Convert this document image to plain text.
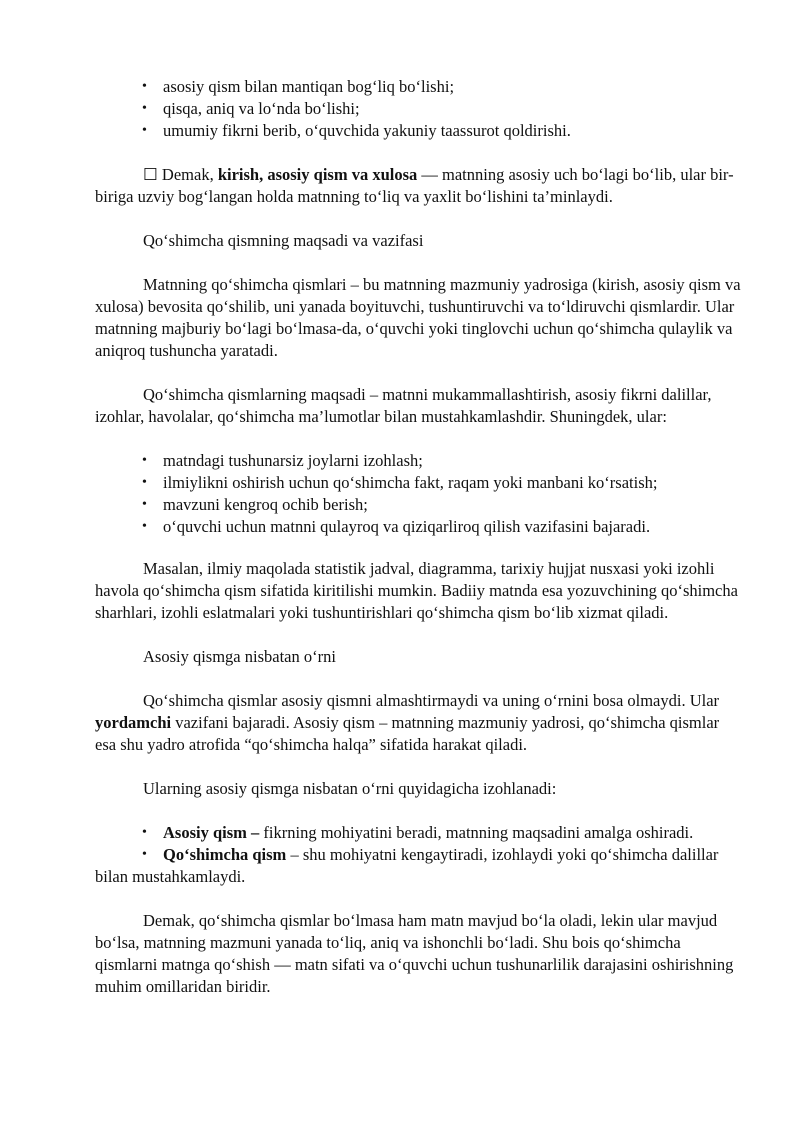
• asosiy qism bilan mantiqan bog‘liq bo‘lishi;
• qisqa, aniq va lo‘nda bo‘lishi;
• umumiy fikrni berib, o‘quvchida yakuniy taassurot qoldirishi.

☐ Demak, kirish, asosiy qism va xulosa — matnning asosiy uch bo‘lagi bo‘lib, ular bir-biriga uzviy bog‘langan holda matnning to‘liq va yaxlit bo‘lishini ta’minlaydi.

Qo‘shimcha qismning maqsadi va vazifasi

Matnning qo‘shimcha qismlari – bu matnning mazmuniy yadrosiga (kirish, asosiy qism va xulosa) bevosita qo‘shilib, uni yanada boyituvchi, tushuntiruvchi va to‘ldiruvchi qismlardir. Ular matnning majburiy bo‘lagi bo‘lmasa-da, o‘quvchi yoki tinglovchi uchun qo‘shimcha qulaylik va aniqroq tushuncha yaratadi.

Qo‘shimcha qismlarning maqsadi – matnni mukammallashtirish, asosiy fikrni dalillar, izohlar, havolalar, qo‘shimcha ma’lumotlar bilan mustahkamlashdir. Shuningdek, ular:

• matndagi tushunarsiz joylarni izohlash;
• ilmiylikni oshirish uchun qo‘shimcha fakt, raqam yoki manbani ko‘rsatish;
• mavzuni kengroq ochib berish;
• o‘quvchi uchun matnni qulayroq va qiziqarliroq qilish vazifasini bajaradi.

Masalan, ilmiy maqolada statistik jadval, diagramma, tarixiy hujjat nusxasi yoki izohli havola qo‘shimcha qism sifatida kiritilishi mumkin. Badiiy matnda esa yozuvchining qo‘shimcha sharhlari, izohli eslatmalari yoki tushuntirishlari qo‘shimcha qism bo‘lib xizmat qiladi.

Asosiy qismga nisbatan o‘rni

Qo‘shimcha qismlar asosiy qismni almashtirmaydi va uning o‘rnini bosa olmaydi. Ular yordamchi vazifani bajaradi. Asosiy qism – matnning mazmuniy yadrosi, qo‘shimcha qismlar esa shu yadro atrofida “qo‘shimcha halqa” sifatida harakat qiladi.

Ularning asosiy qismga nisbatan o‘rni quyidagicha izohlanadi:

• Asosiy qism – fikrning mohiyatini beradi, matnning maqsadini amalga oshiradi.
• Qo‘shimcha qism – shu mohiyatni kengaytiradi, izohlaydi yoki qo‘shimcha dalillar bilan mustahkamlaydi.

Demak, qo‘shimcha qismlar bo‘lmasa ham matn mavjud bo‘la oladi, lekin ular mavjud bo‘lsa, matnning mazmuni yanada to‘liq, aniq va ishonchli bo‘ladi. Shu bois qo‘shimcha qismlarni matnga qo‘shish — matn sifati va o‘quvchi uchun tushunarlilik darajasini oshirishning muhim omillaridan biridir.
